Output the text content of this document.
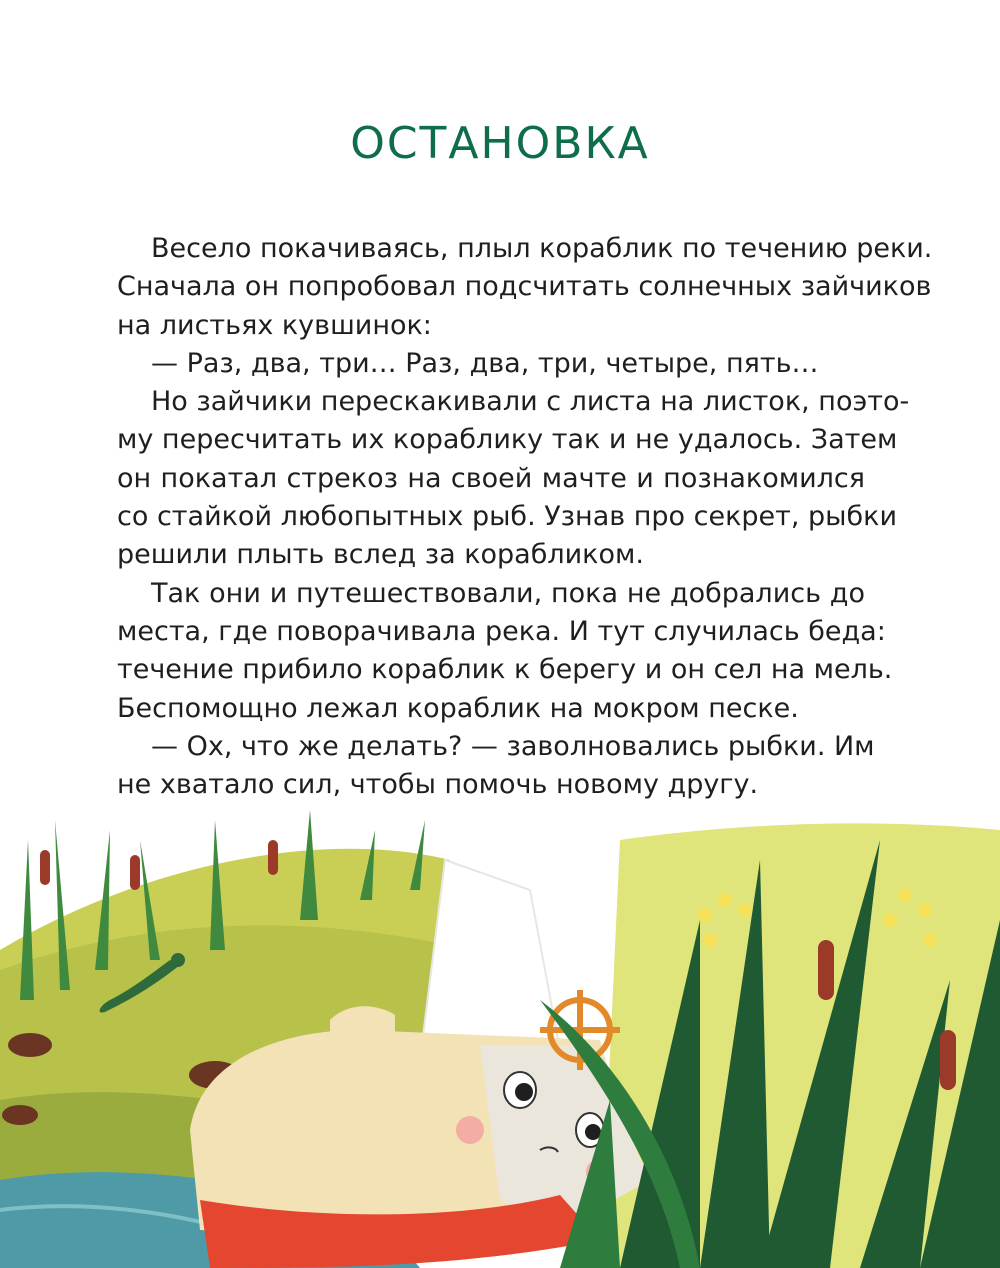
ОСТАНОВКА
Весело покачиваясь, плыл кораблик по течению реки.
Сначала он попробовал подсчитать солнечных зайчиков
на листьях кувшинок:
— Раз, два, три… Раз, два, три, четыре, пять…
Но зайчики перескакивали с листа на листок, поэто-
му пересчитать их кораблику так и не удалось. Затем
он покатал стрекоз на своей мачте и познакомился
со стайкой любопытных рыб. Узнав про секрет, рыбки
решили плыть вслед за корабликом.
Так они и путешествовали, пока не добрались до
места, где поворачивала река. И тут случилась беда:
течение прибило кораблик к берегу и он сел на мель.
Беспомощно лежал кораблик на мокром песке.
— Ох, что же делать? — заволновались рыбки. Им
не хватало сил, чтобы помочь новому другу.
